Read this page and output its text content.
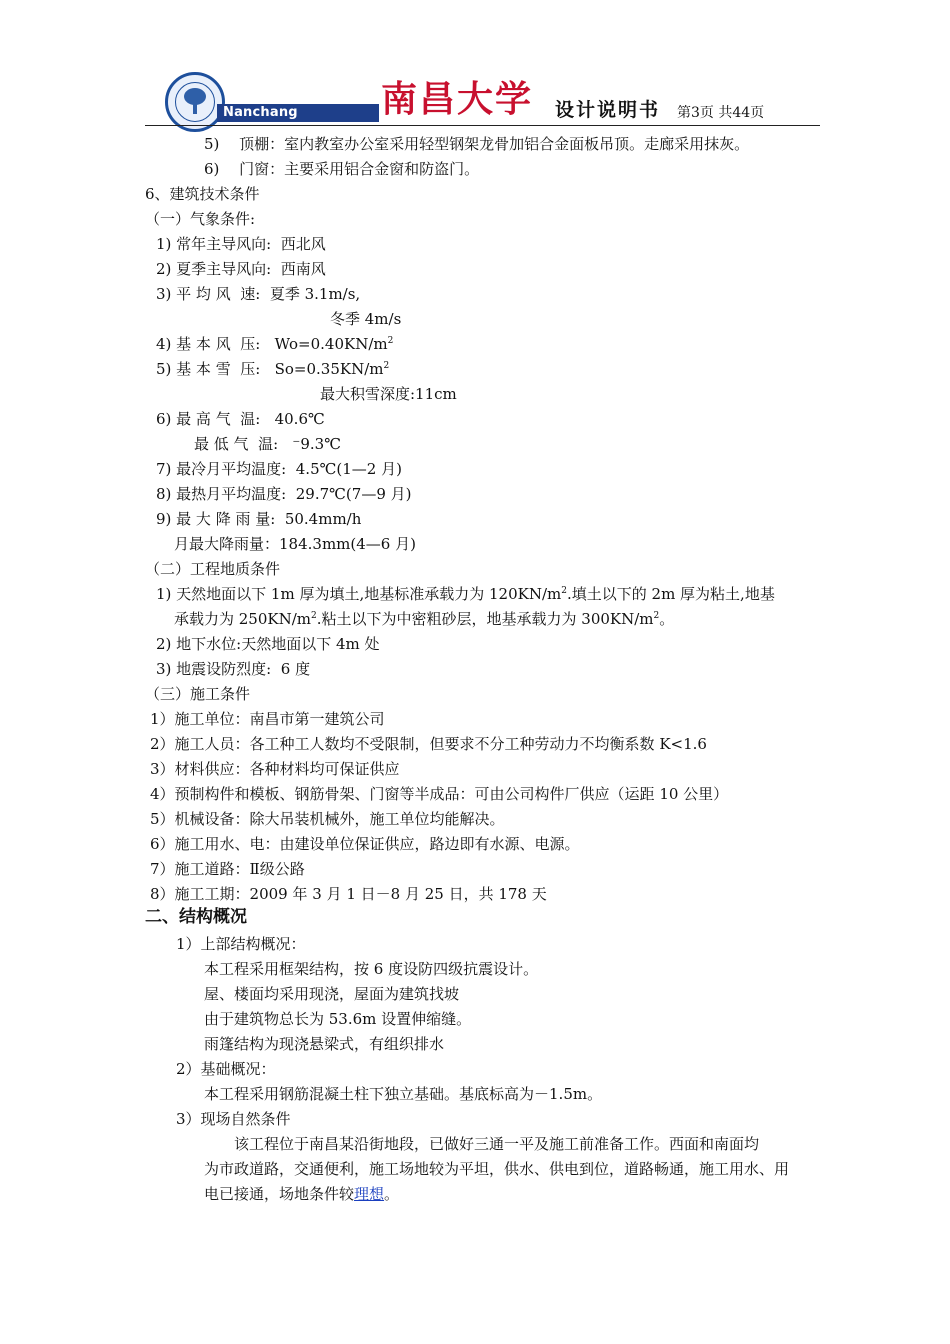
Nanchang University
南昌大学 设计说明书 第3页 共44页
5)　 顶棚：室内教室办公室采用轻型钢架龙骨加铝合金面板吊顶。走廊采用抹灰。
6)　 门窗：主要采用铝合金窗和防盗门。
6、建筑技术条件
（一）气象条件:
1) 常年主导风向:  西北风
2) 夏季主导风向:  西南风
3) 平 均 风  速:  夏季 3.1m/s,
冬季 4m/s
4) 基 本 风  压:   $Wo=0.40KN/m^2$
5) 基 本 雪  压:   $So=0.35KN/m^2$
最大积雪深度:11cm
6) 最 高 气  温:   40.6℃
最 低 气  温:   ⁻9.3℃
7) 最冷月平均温度:  4.5℃(1—2 月)
8) 最热月平均温度:  29.7℃(7—9 月)
9) 最 大 降 雨 量:  50.4mm/h
月最大降雨量：184.3mm(4—6 月)
（二）工程地质条件
1) 天然地面以下 1m 厚为填土,地基标准承载力为 $120KN/m^2$.填土以下的 2m 厚为粘土,地基
承载力为 $250KN/m^2$.粘土以下为中密粗砂层，地基承载力为 $300KN/m^2$。
2) 地下水位:天然地面以下 4m 处
3) 地震设防烈度:  6 度
（三）施工条件
1）施工单位：南昌市第一建筑公司
2）施工人员：各工种工人数均不受限制，但要求不分工种劳动力不均衡系数 K<1.6
3）材料供应：各种材料均可保证供应
4）预制构件和模板、钢筋骨架、门窗等半成品：可由公司构件厂供应（运距 10 公里）
5）机械设备：除大吊装机械外，施工单位均能解决。
6）施工用水、电：由建设单位保证供应，路边即有水源、电源。
7）施工道路：Ⅱ级公路
8）施工工期：2009 年 3 月 1 日－8 月 25 日，共 178 天
二、结构概况
1）上部结构概况：
本工程采用框架结构，按 6 度设防四级抗震设计。
屋、楼面均采用现浇，屋面为建筑找坡
由于建筑物总长为 53.6m 设置伸缩缝。
雨篷结构为现浇悬梁式，有组织排水
2）基础概况：
本工程采用钢筋混凝土柱下独立基础。基底标高为－1.5m。
3）现场自然条件
该工程位于南昌某沿街地段，已做好三通一平及施工前准备工作。西面和南面均
为市政道路，交通便利，施工场地较为平坦，供水、供电到位，道路畅通，施工用水、用
电已接通，场地条件较理想。
